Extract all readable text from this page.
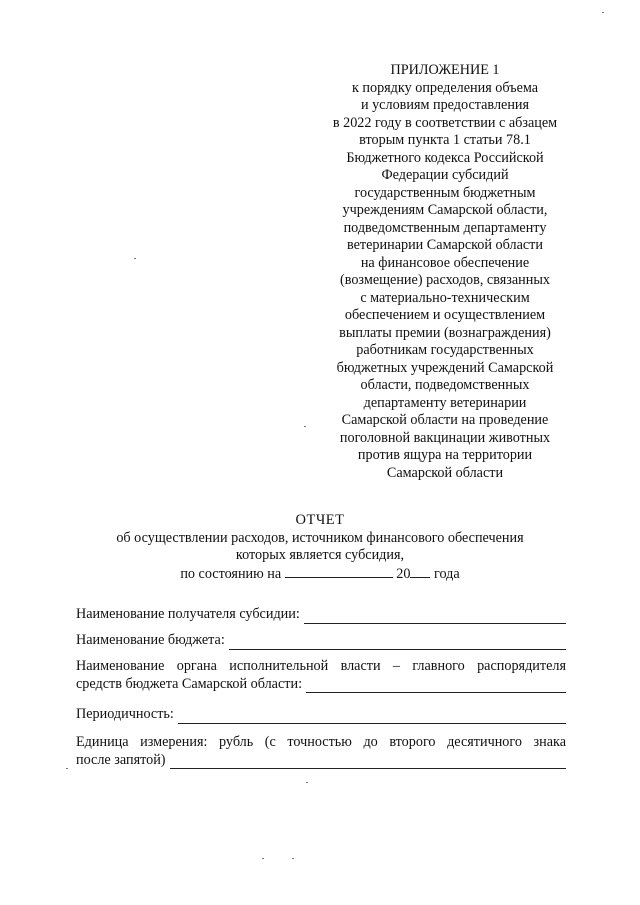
ПРИЛОЖЕНИЕ 1
к порядку определения объема
и условиям предоставления
в 2022 году в соответствии с абзацем
вторым пункта 1 статьи 78.1
Бюджетного кодекса Российской
Федерации субсидий
государственным бюджетным
учреждениям Самарской области,
подведомственным департаменту
ветеринарии Самарской области
на финансовое обеспечение
(возмещение) расходов, связанных
с материально-техническим
обеспечением и осуществлением
выплаты премии (вознаграждения)
работникам государственных
бюджетных учреждений Самарской
области, подведомственных
департаменту ветеринарии
Самарской области на проведение
поголовной вакцинации животных
против ящура на территории
Самарской области
ОТЧЕТ
об осуществлении расходов, источником финансового обеспечения
которых является субсидия,
по состоянию на	20 года
Наименование получателя субсидии:
Наименование бюджета:
Наименование органа исполнительной власти – главного распорядителя
средств бюджета Самарской области:
Периодичность:
Единица измерения: рубль (с точностью до второго десятичного знака
после запятой)
